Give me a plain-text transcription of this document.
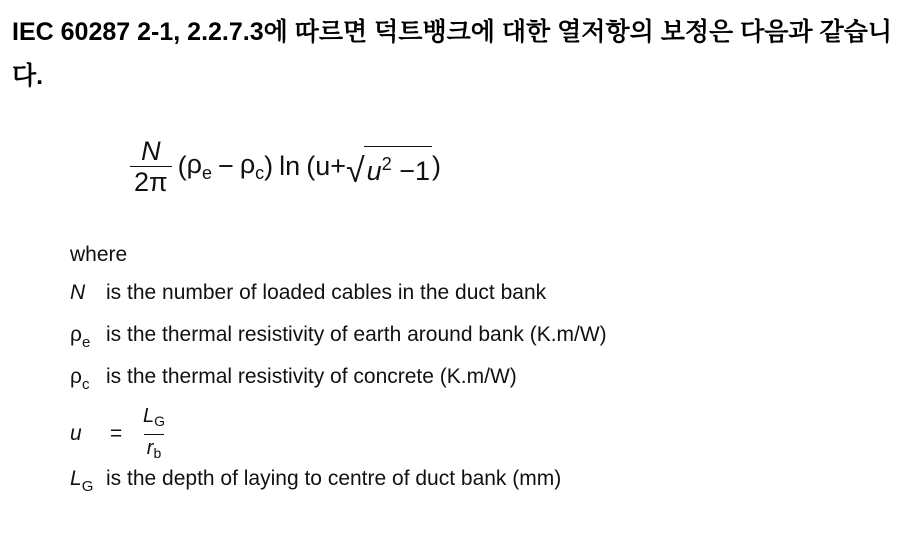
IEC 60287 2-1, 2.2.7.3에 따르면 덕트뱅크에 대한 열저항의 보정은 다음과 같습니다.
$\frac{N}{2\pi}$ ( $\rho_e - \rho_c$ ) ln ( u + √ $u^2 -1$ )
where
N is the number of loaded cables in the duct bank
$\rho_e$ is the thermal resistivity of earth around bank (K.m/W)
$\rho_c$ is the thermal resistivity of concrete (K.m/W)
u	= $\frac{L_G}{r_b}$
$L_G$ is the depth of laying to centre of duct bank (mm)
